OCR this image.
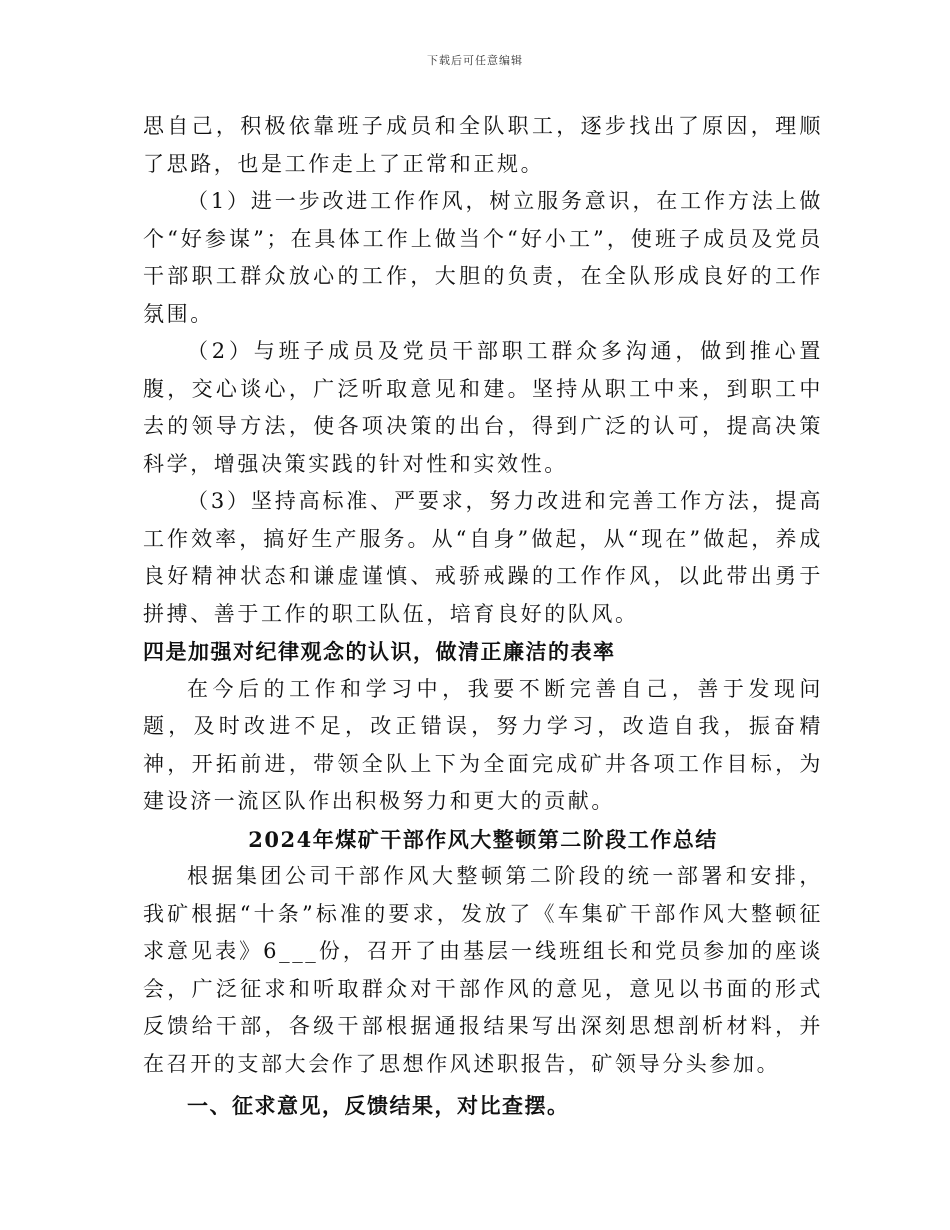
下载后可任意编辑

思自己，积极依靠班子成员和全队职工，逐步找出了原因，理顺了思路，也是工作走上了正常和正规。

（1）进一步改进工作作风，树立服务意识，在工作方法上做个“好参谋”；在具体工作上做当个“好小工”，使班子成员及党员干部职工群众放心的工作，大胆的负责，在全队形成良好的工作氛围。

（2）与班子成员及党员干部职工群众多沟通，做到推心置腹，交心谈心，广泛听取意见和建。坚持从职工中来，到职工中去的领导方法，使各项决策的出台，得到广泛的认可，提高决策科学，增强决策实践的针对性和实效性。

（3）坚持高标准、严要求，努力改进和完善工作方法，提高工作效率，搞好生产服务。从“自身”做起，从“现在”做起，养成良好精神状态和谦虚谨慎、戒骄戒躁的工作作风，以此带出勇于拼搏、善于工作的职工队伍，培育良好的队风。

四是加强对纪律观念的认识，做清正廉洁的表率

在今后的工作和学习中，我要不断完善自己，善于发现问题，及时改进不足，改正错误，努力学习，改造自我，振奋精神，开拓前进，带领全队上下为全面完成矿井各项工作目标，为建设济一流区队作出积极努力和更大的贡献。

2024年煤矿干部作风大整顿第二阶段工作总结

根据集团公司干部作风大整顿第二阶段的统一部署和安排，我矿根据“十条”标准的要求，发放了《车集矿干部作风大整顿征求意见表》6___份，召开了由基层一线班组长和党员参加的座谈会，广泛征求和听取群众对干部作风的意见，意见以书面的形式反馈给干部，各级干部根据通报结果写出深刻思想剖析材料，并在召开的支部大会作了思想作风述职报告，矿领导分头参加。

一、征求意见，反馈结果，对比查摆。
